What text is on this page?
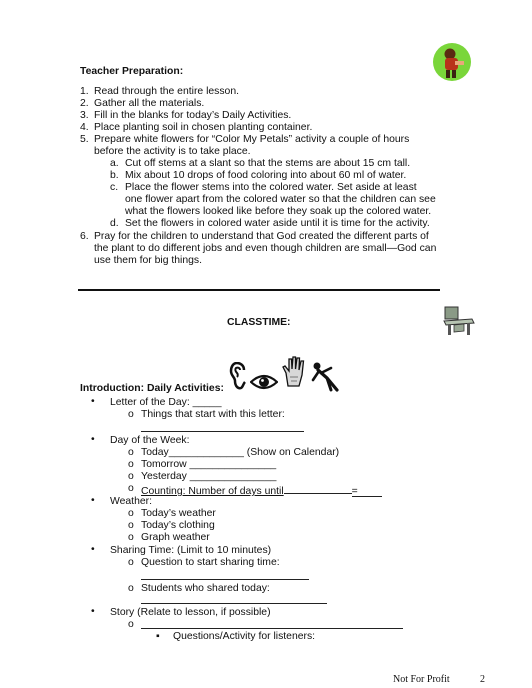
Teacher Preparation:
1. Read through the entire lesson.
2. Gather all the materials.
3. Fill in the blanks for today’s Daily Activities.
4. Place planting soil in chosen planting container.
5. Prepare white flowers for “Color My Petals” activity a couple of hours
before the activity is to take place.
a. Cut off stems at a slant so that the stems are about 15 cm tall.
b. Mix about 10 drops of food coloring into about 60 ml of water.
c. Place the flower stems into the colored water. Set aside at least
one flower apart from the colored water so that the children can see
what the flowers looked like before they soak up the colored water.
d. Set the flowers in colored water aside until it is time for the activity.
6. Pray for the children to understand that God created the different parts of
the plant to do different jobs and even though children are small—God can
use them for big things.
CLASSTIME:
Introduction: Daily Activities:
• Letter of the Day: _____
o Things that start with this letter:
• Day of the Week:
o Today_____________ (Show on Calendar)
o Tomorrow _______________
o Yesterday _______________
o Counting: Number of days until	=
• Weather:
o Today’s weather
o Today’s clothing
o Graph weather
• Sharing Time: (Limit to 10 minutes)
o Question to start sharing time:
o Students who shared today:
• Story (Relate to lesson, if possible)
o
▪ Questions/Activity for listeners:
Not For Profit	2
